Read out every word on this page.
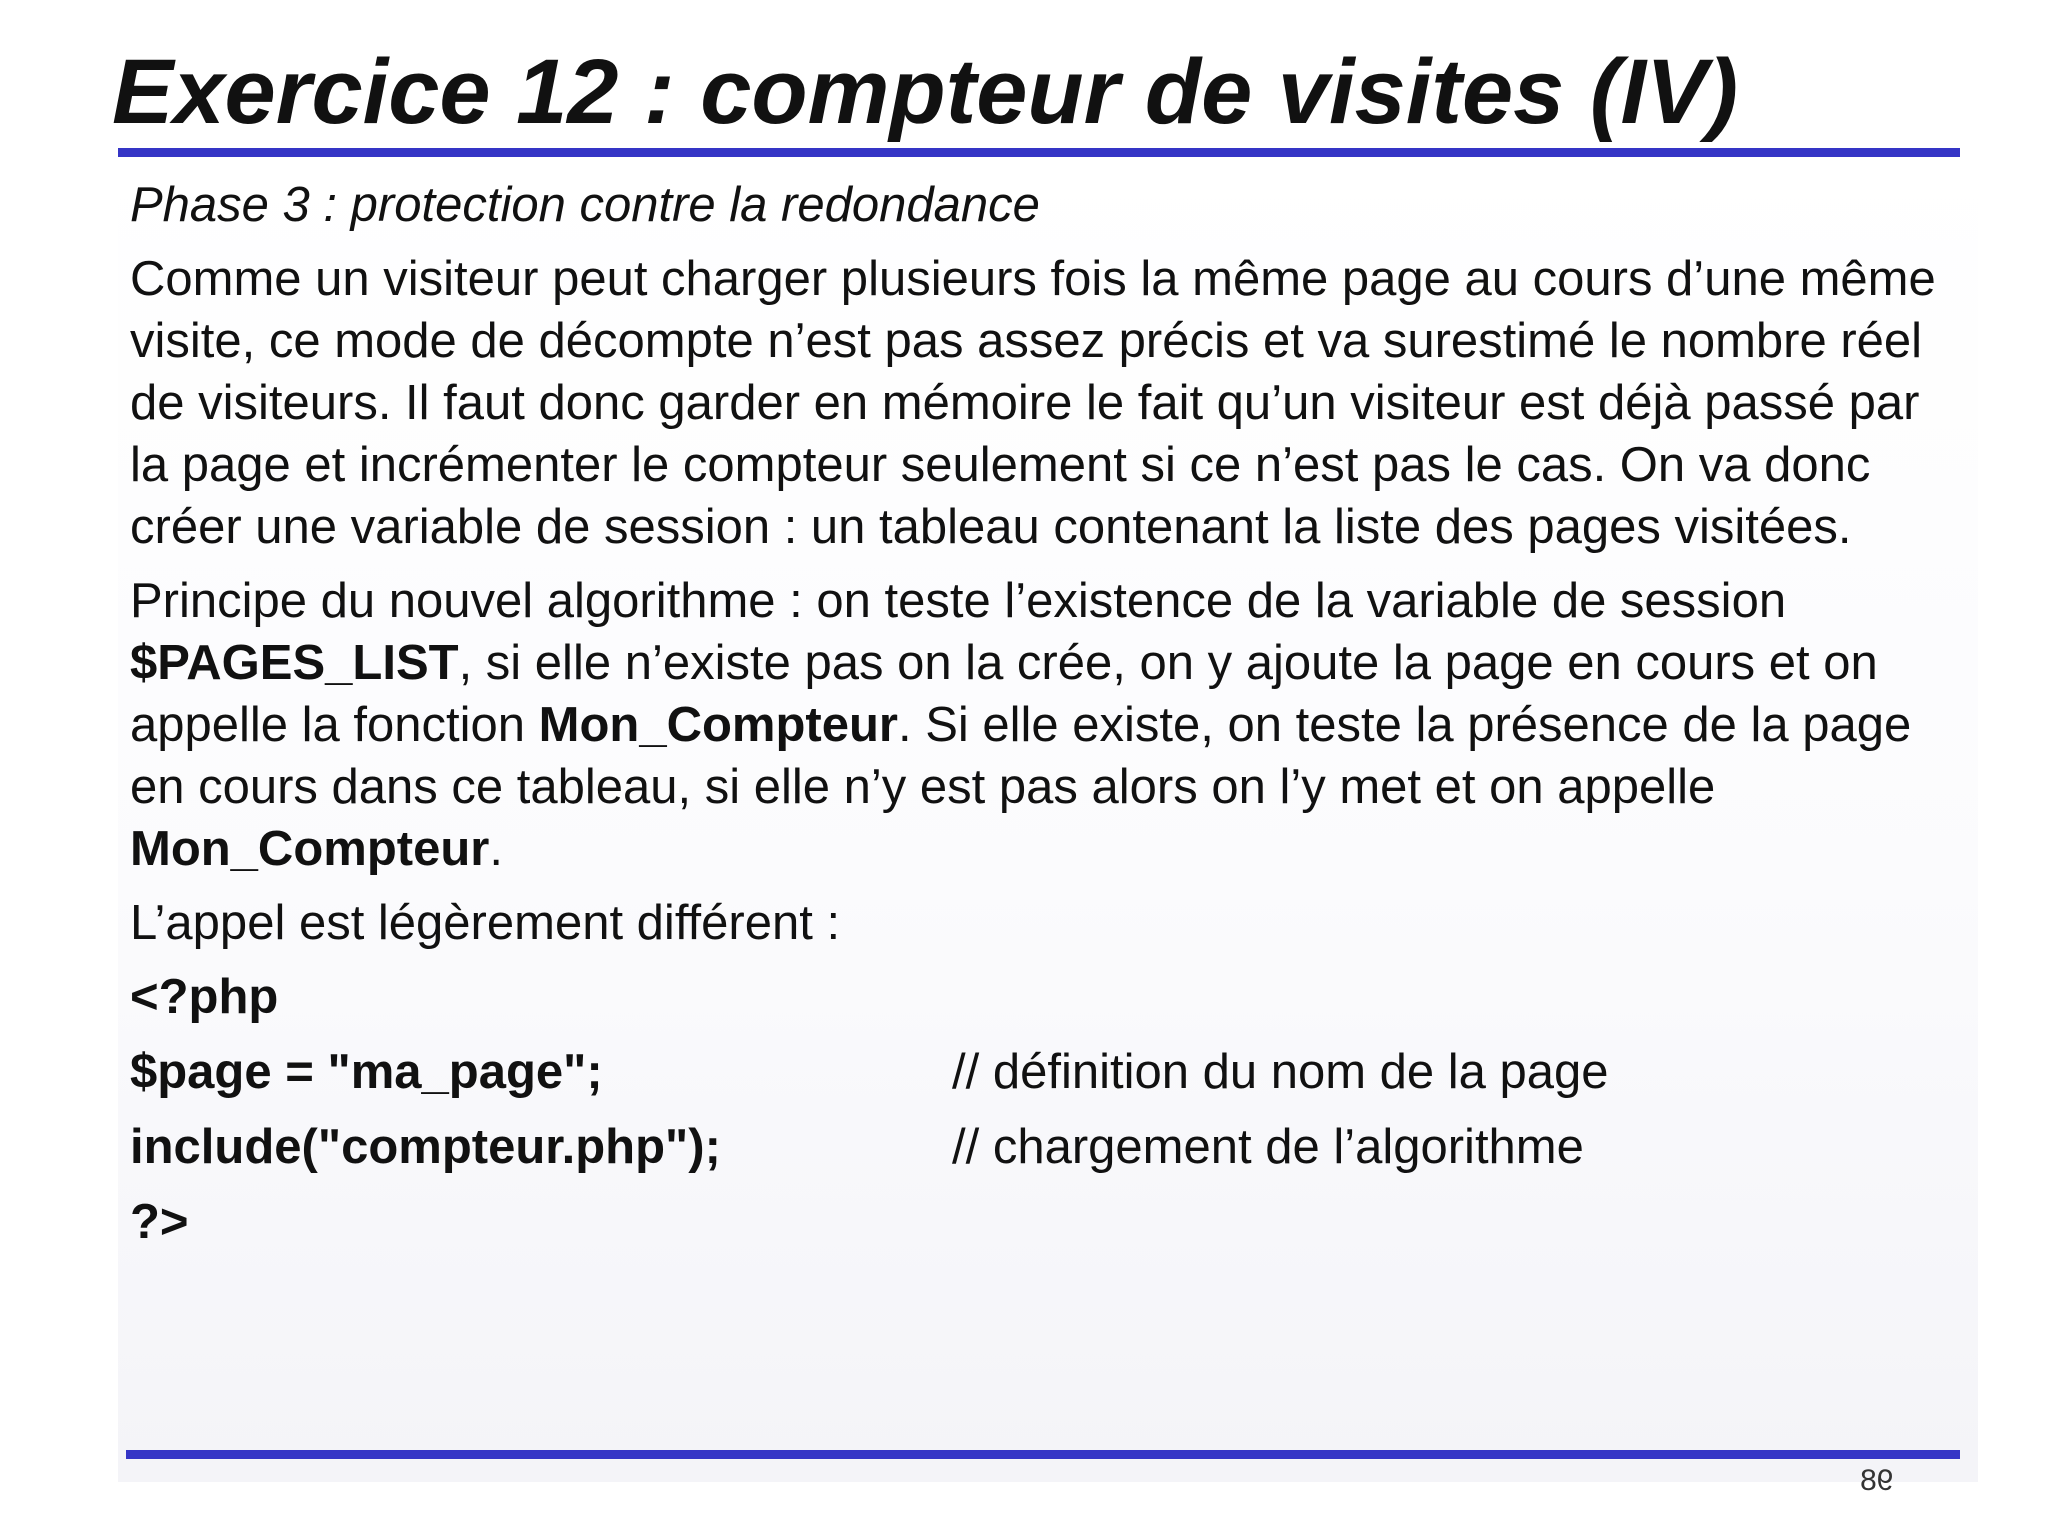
Exercice 12 : compteur de visites (IV)

Phase 3 : protection contre la redondance

Comme un visiteur peut charger plusieurs fois la même page au cours d’une même visite, ce mode de décompte n’est pas assez précis et va surestimé le nombre réel de visiteurs. Il faut donc garder en mémoire le fait qu’un visiteur est déjà passé par la page et incrémenter le compteur seulement si ce n’est pas le cas. On va donc créer une variable de session : un tableau contenant la liste des pages visitées.

Principe du nouvel algorithme : on teste l’existence de la variable de session $PAGES_LIST, si elle n’existe pas on la crée, on y ajoute la page en cours et on appelle la fonction Mon_Compteur. Si elle existe, on teste la présence de la page en cours dans ce tableau, si elle n’y est pas alors on l’y met et on appelle Mon_Compteur.

L’appel est légèrement différent :

<?php
$page = "ma_page";	// définition du nom de la page
include("compteur.php");	// chargement de l’algorithme
?>
98
